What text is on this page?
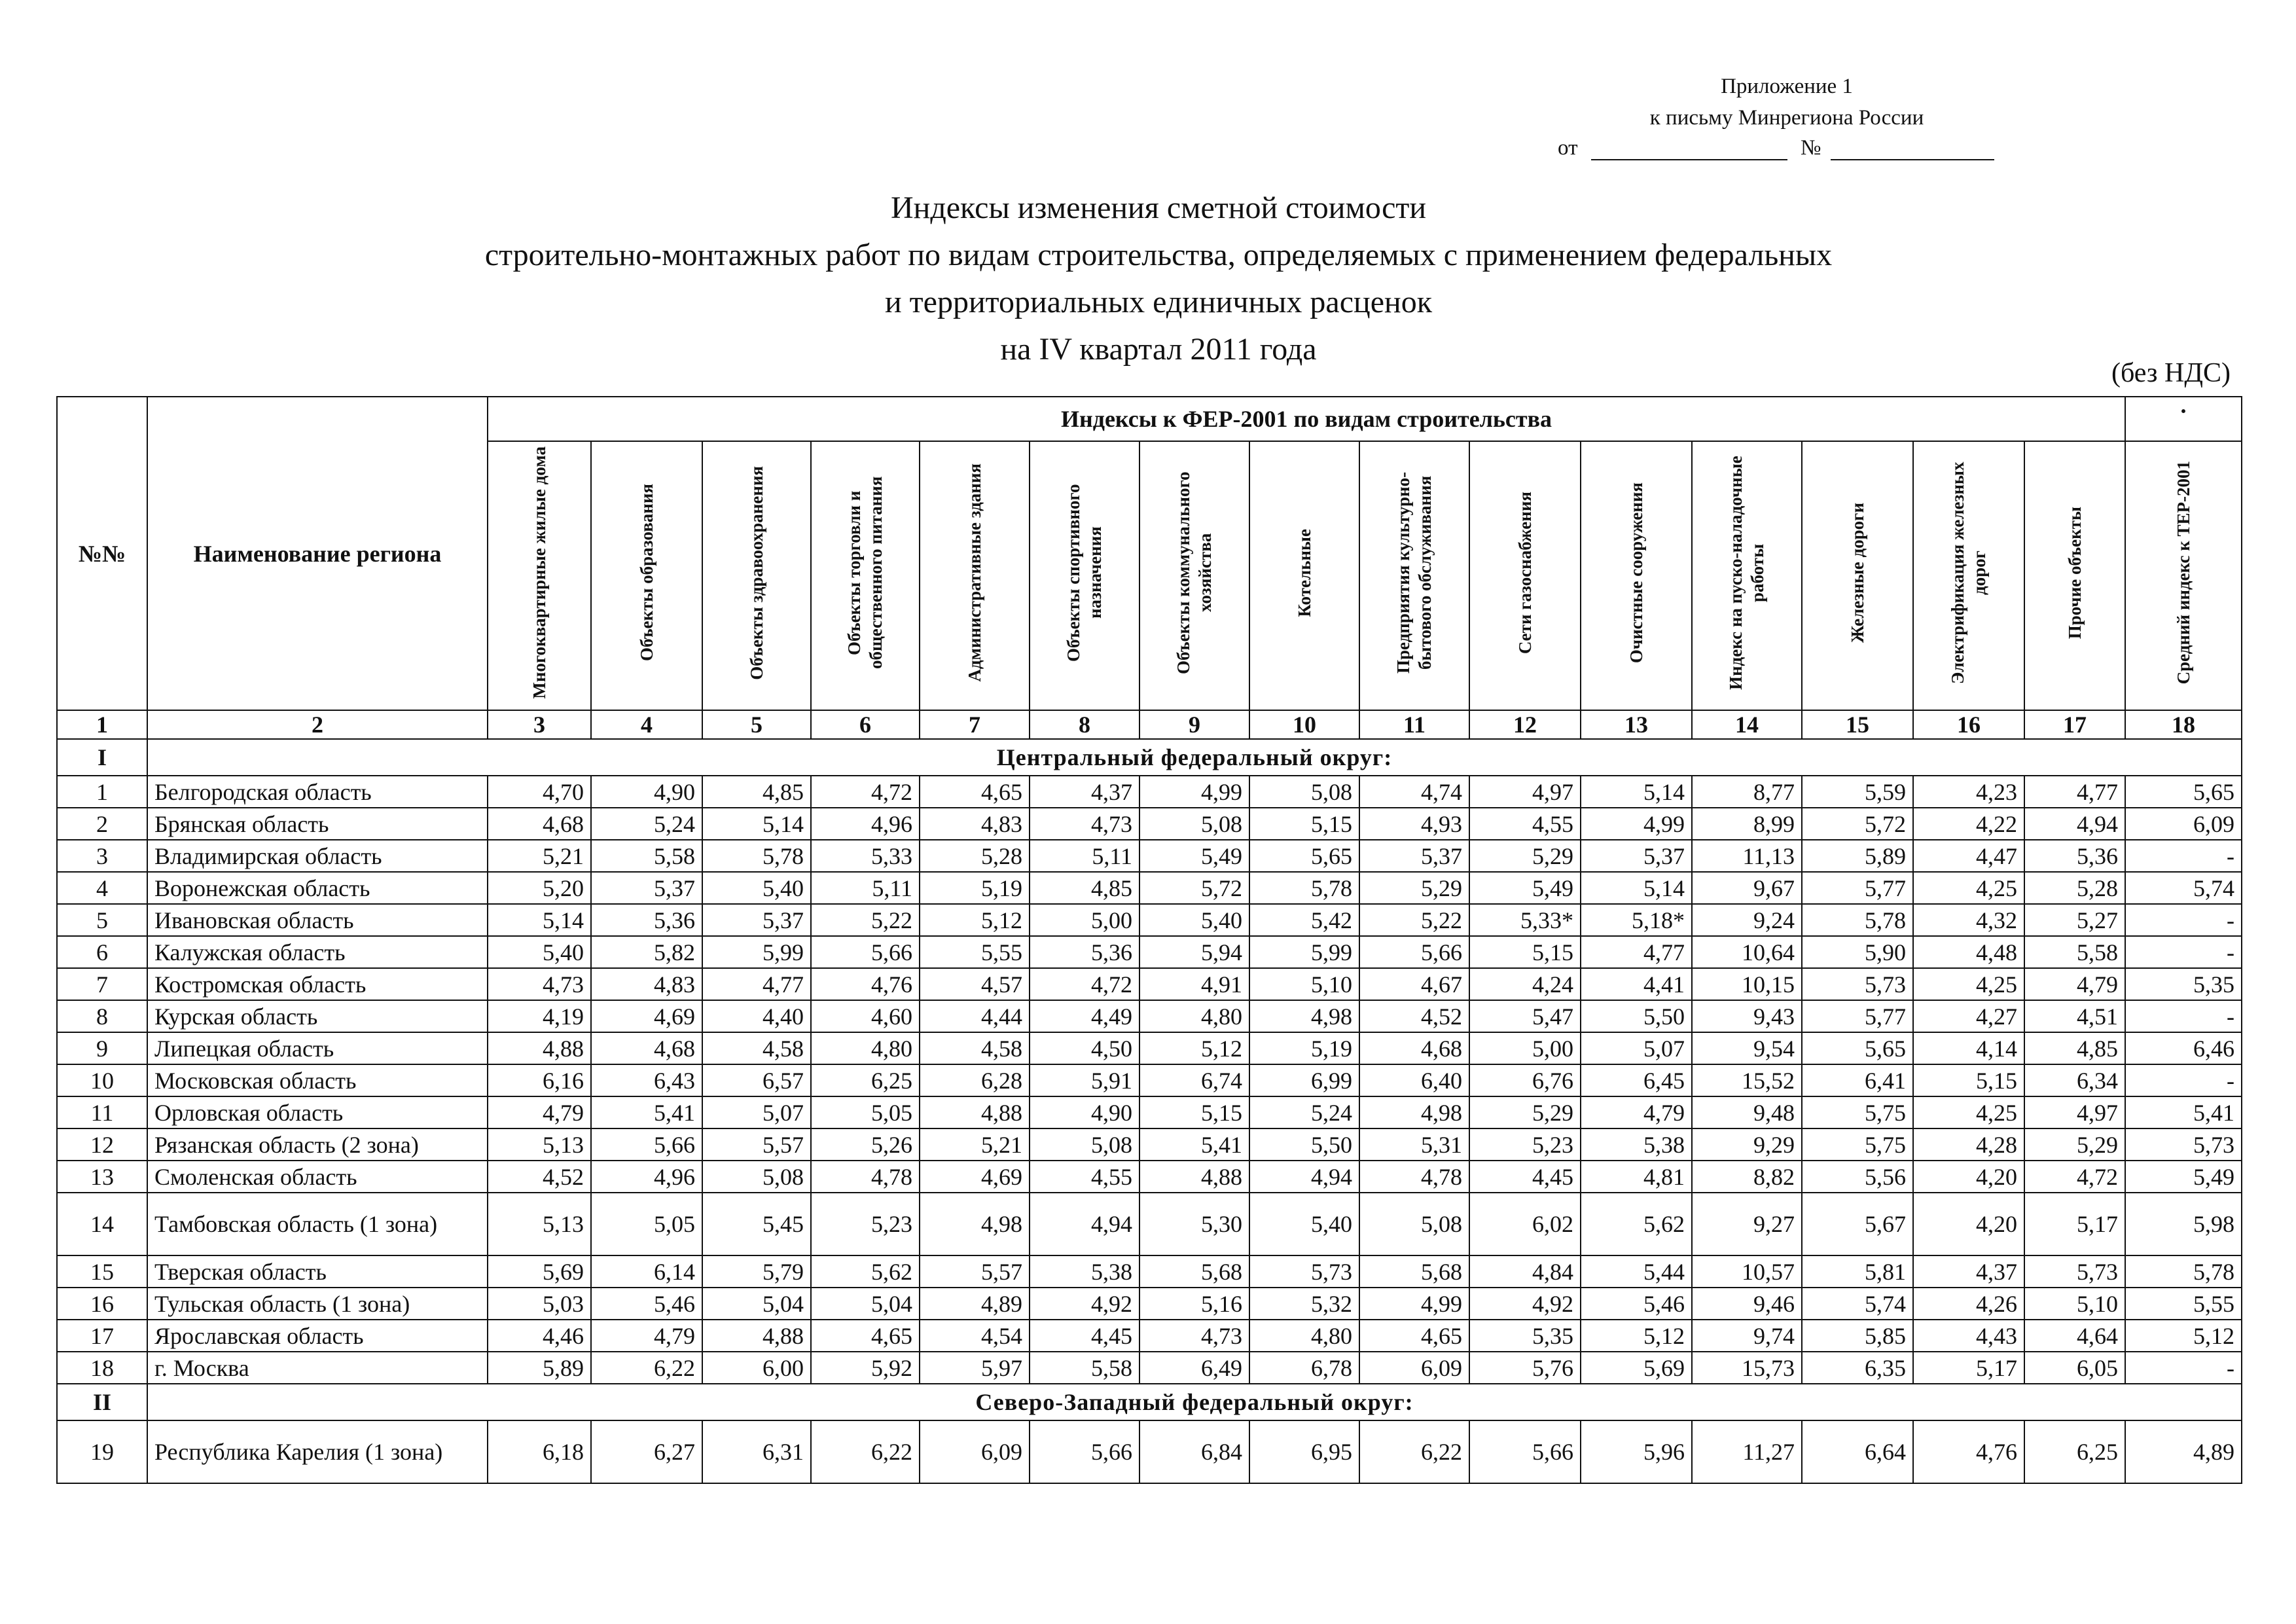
Приложение 1
к письму Минрегиона России
от	№
Индексы изменения сметной стоимости
строительно-монтажных работ по видам строительства, определяемых с применением федеральных
и территориальных единичных расценок
на IV квартал 2011 года
(без НДС)
№№	Наименование региона	Индексы к ФЕР-2001 по видам строительства															·
		Многоквартирные жилые дома	Объекты образования	Объекты здравоохранения	Объекты торговли и общественного питания	Административные здания	Объекты спортивного назначения	Объекты коммунального хозяйства	Котельные	Предприятия культурно-бытового обслуживания	Сети газоснабжения	Очистные сооружения	Индекс на пуско-наладочные работы	Железные дороги	Электрификация железных дорог	Прочие объекты	Средний индекс к ТЕР-2001
1	2	3	4	5	6	7	8	9	10	11	12	13	14	15	16	17	18
I	Центральный федеральный округ:																
1	Белгородская область	4,70	4,90	4,85	4,72	4,65	4,37	4,99	5,08	4,74	4,97	5,14	8,77	5,59	4,23	4,77	5,65
2	Брянская область	4,68	5,24	5,14	4,96	4,83	4,73	5,08	5,15	4,93	4,55	4,99	8,99	5,72	4,22	4,94	6,09
3	Владимирская область	5,21	5,58	5,78	5,33	5,28	5,11	5,49	5,65	5,37	5,29	5,37	11,13	5,89	4,47	5,36	-
4	Воронежская область	5,20	5,37	5,40	5,11	5,19	4,85	5,72	5,78	5,29	5,49	5,14	9,67	5,77	4,25	5,28	5,74
5	Ивановская область	5,14	5,36	5,37	5,22	5,12	5,00	5,40	5,42	5,22	5,33*	5,18*	9,24	5,78	4,32	5,27	-
6	Калужская область	5,40	5,82	5,99	5,66	5,55	5,36	5,94	5,99	5,66	5,15	4,77	10,64	5,90	4,48	5,58	-
7	Костромская область	4,73	4,83	4,77	4,76	4,57	4,72	4,91	5,10	4,67	4,24	4,41	10,15	5,73	4,25	4,79	5,35
8	Курская область	4,19	4,69	4,40	4,60	4,44	4,49	4,80	4,98	4,52	5,47	5,50	9,43	5,77	4,27	4,51	-
9	Липецкая область	4,88	4,68	4,58	4,80	4,58	4,50	5,12	5,19	4,68	5,00	5,07	9,54	5,65	4,14	4,85	6,46
10	Московская область	6,16	6,43	6,57	6,25	6,28	5,91	6,74	6,99	6,40	6,76	6,45	15,52	6,41	5,15	6,34	-
11	Орловская область	4,79	5,41	5,07	5,05	4,88	4,90	5,15	5,24	4,98	5,29	4,79	9,48	5,75	4,25	4,97	5,41
12	Рязанская область (2 зона)	5,13	5,66	5,57	5,26	5,21	5,08	5,41	5,50	5,31	5,23	5,38	9,29	5,75	4,28	5,29	5,73
13	Смоленская область	4,52	4,96	5,08	4,78	4,69	4,55	4,88	4,94	4,78	4,45	4,81	8,82	5,56	4,20	4,72	5,49
14	Тамбовская область (1 зона)	5,13	5,05	5,45	5,23	4,98	4,94	5,30	5,40	5,08	6,02	5,62	9,27	5,67	4,20	5,17	5,98
15	Тверская область	5,69	6,14	5,79	5,62	5,57	5,38	5,68	5,73	5,68	4,84	5,44	10,57	5,81	4,37	5,73	5,78
16	Тульская область (1 зона)	5,03	5,46	5,04	5,04	4,89	4,92	5,16	5,32	4,99	4,92	5,46	9,46	5,74	4,26	5,10	5,55
17	Ярославская область	4,46	4,79	4,88	4,65	4,54	4,45	4,73	4,80	4,65	5,35	5,12	9,74	5,85	4,43	4,64	5,12
18	г. Москва	5,89	6,22	6,00	5,92	5,97	5,58	6,49	6,78	6,09	5,76	5,69	15,73	6,35	5,17	6,05	-
II	Северо-Западный федеральный округ:																
19	Республика Карелия (1 зона)	6,18	6,27	6,31	6,22	6,09	5,66	6,84	6,95	6,22	5,66	5,96	11,27	6,64	4,76	6,25	4,89
